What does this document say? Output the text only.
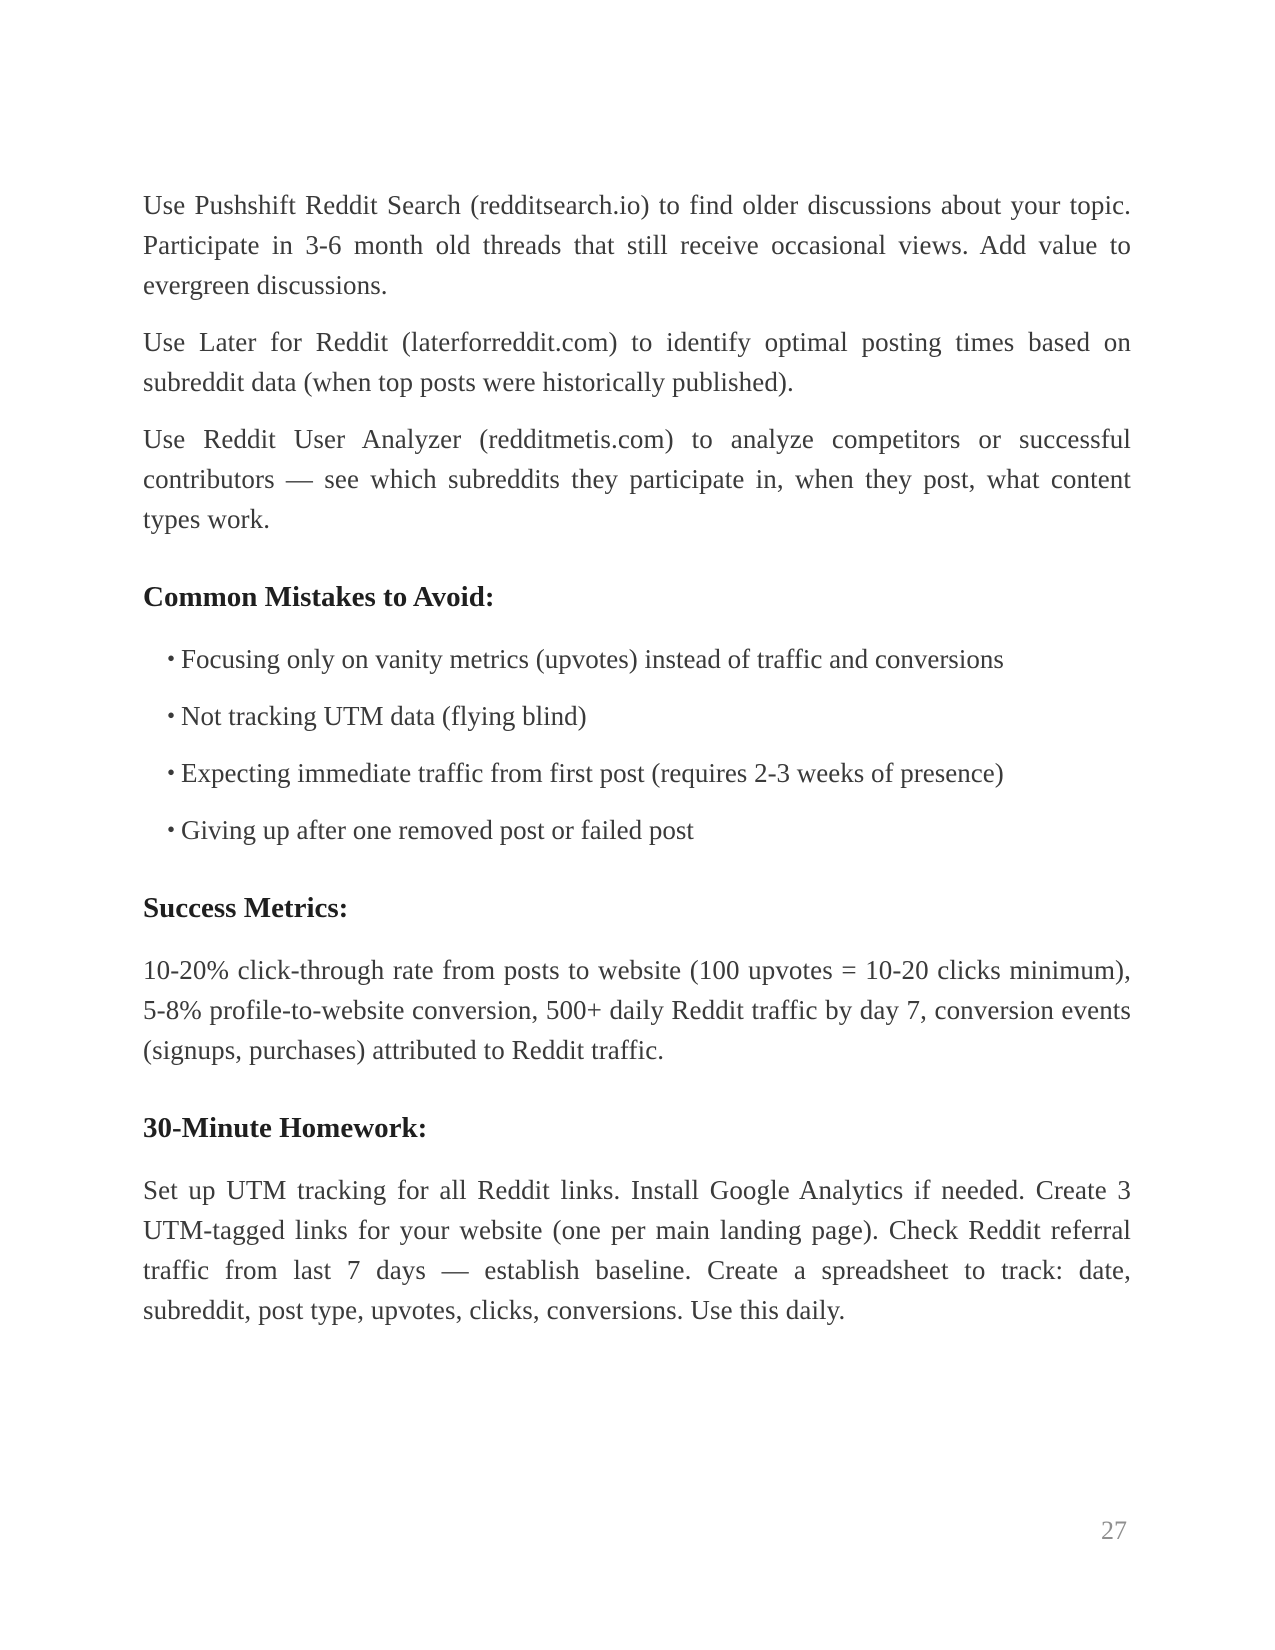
Use Pushshift Reddit Search (redditsearch.io) to find older discussions about your topic. Participate in 3-6 month old threads that still receive occasional views. Add value to evergreen discussions.

Use Later for Reddit (laterforreddit.com) to identify optimal posting times based on subreddit data (when top posts were historically published).

Use Reddit User Analyzer (redditmetis.com) to analyze competitors or successful contributors — see which subreddits they participate in, when they post, what content types work.

Common Mistakes to Avoid:
• Focusing only on vanity metrics (upvotes) instead of traffic and conversions
• Not tracking UTM data (flying blind)
• Expecting immediate traffic from first post (requires 2-3 weeks of presence)
• Giving up after one removed post or failed post
Success Metrics:

10-20% click-through rate from posts to website (100 upvotes = 10-20 clicks minimum), 5-8% profile-to-website conversion, 500+ daily Reddit traffic by day 7, conversion events (signups, purchases) attributed to Reddit traffic.

30-Minute Homework:

Set up UTM tracking for all Reddit links. Install Google Analytics if needed. Create 3 UTM-tagged links for your website (one per main landing page). Check Reddit referral traffic from last 7 days — establish baseline. Create a spreadsheet to track: date, subreddit, post type, upvotes, clicks, conversions. Use this daily.

27
